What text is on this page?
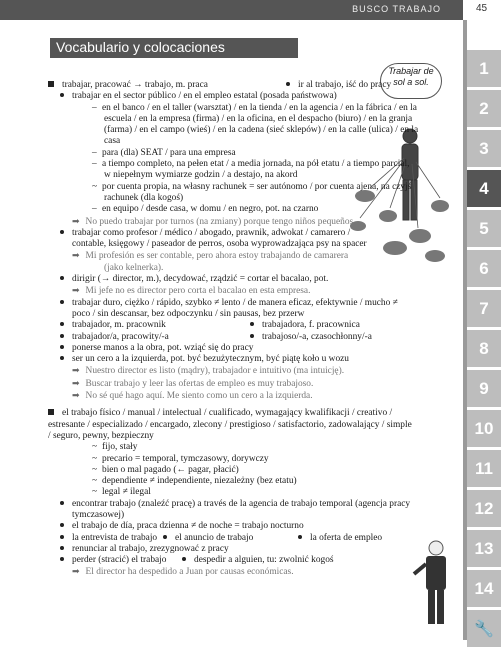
BUSCO TRABAJO	45
1
2
3
4
5
6
7
8
9
10
11
12
13
14
🔧
Vocabulario y colocaciones
Trabajar de
sol a sol.
trabajar, pracować → trabajo, m. praca	ir al trabajo, iść do pracy
trabajar en el sector público / en el empleo estatal (posada państwowa)
– en el banco / en el taller (warsztat) / en la tienda / en la agencia / en la fábrica / en la
escuela / en la empresa (firma) / en la oficina, en el despacho (biuro) / en la granja
(farma) / en el campo (wieś) / en la cadena (sieć sklepów) / en la calle (ulica) / en la
casa
– para (dla) SEAT / para una empresa
– a tiempo completo, na pełen etat / a media jornada, na pół etatu / a tiempo parcial,
w niepełnym wymiarze godzin / a destajo, na akord
~ por cuenta propia, na własny rachunek = ser autónomo / por cuenta ajena, na czyjś
rachunek (dla kogoś)
– en equipo / desde casa, w domu / en negro, pot. na czarno
➡ No puedo trabajar por turnos (na zmiany) porque tengo niños pequeños.
trabajar como profesor / médico / abogado, prawnik, adwokat / camarero /
contable, księgowy / paseador de perros, osoba wyprowadzająca psy na spacer
➡ Mi profesión es ser contable, pero ahora estoy trabajando de camarera
(jako kelnerka).
dirigir (→ director, m.), decydować, rządzić = cortar el bacalao, pot.
➡ Mi jefe no es director pero corta el bacalao en esta empresa.
trabajar duro, ciężko / rápido, szybko ≠ lento / de manera eficaz, efektywnie / mucho ≠
poco / sin descansar, bez odpoczynku / sin pausas, bez przerw
trabajador, m. pracownik	trabajadora, f. pracownica
trabajador/a, pracowity/-a	trabajoso/-a, czasochłonny/-a
ponerse manos a la obra, pot. wziąć się do pracy
ser un cero a la izquierda, pot. być bezużytecznym, być piątę koło u wozu
➡ Nuestro director es listo (mądry), trabajador e intuitivo (ma intuicję).
➡ Buscar trabajo y leer las ofertas de empleo es muy trabajoso.
➡ No sé qué hago aquí. Me siento como un cero a la izquierda.
el trabajo físico / manual / intelectual / cualificado, wymagający kwalifikacji / creativo /
estresante / especializado / encargado, zlecony / prestigioso / satisfactorio, zadowalający / simple
/ seguro, pewny, bezpieczny
~ fijo, stały
~ precario = temporal, tymczasowy, dorywczy
~ bien o mal pagado (← pagar, płacić)
~ dependiente ≠ independiente, niezależny (bez etatu)
~ legal ≠ ilegal
encontrar trabajo (znaleźć pracę) a través de la agencia de trabajo temporal (agencja pracy
tymczasowej)
el trabajo de día, praca dzienna ≠ de noche = trabajo nocturno
la entrevista de trabajo	el anuncio de trabajo	la oferta de empleo
renunciar al trabajo, zrezygnować z pracy
perder (stracić) el trabajo	despedir a alguien, tu: zwolnić kogoś
➡ El director ha despedido a Juan por causas económicas.
